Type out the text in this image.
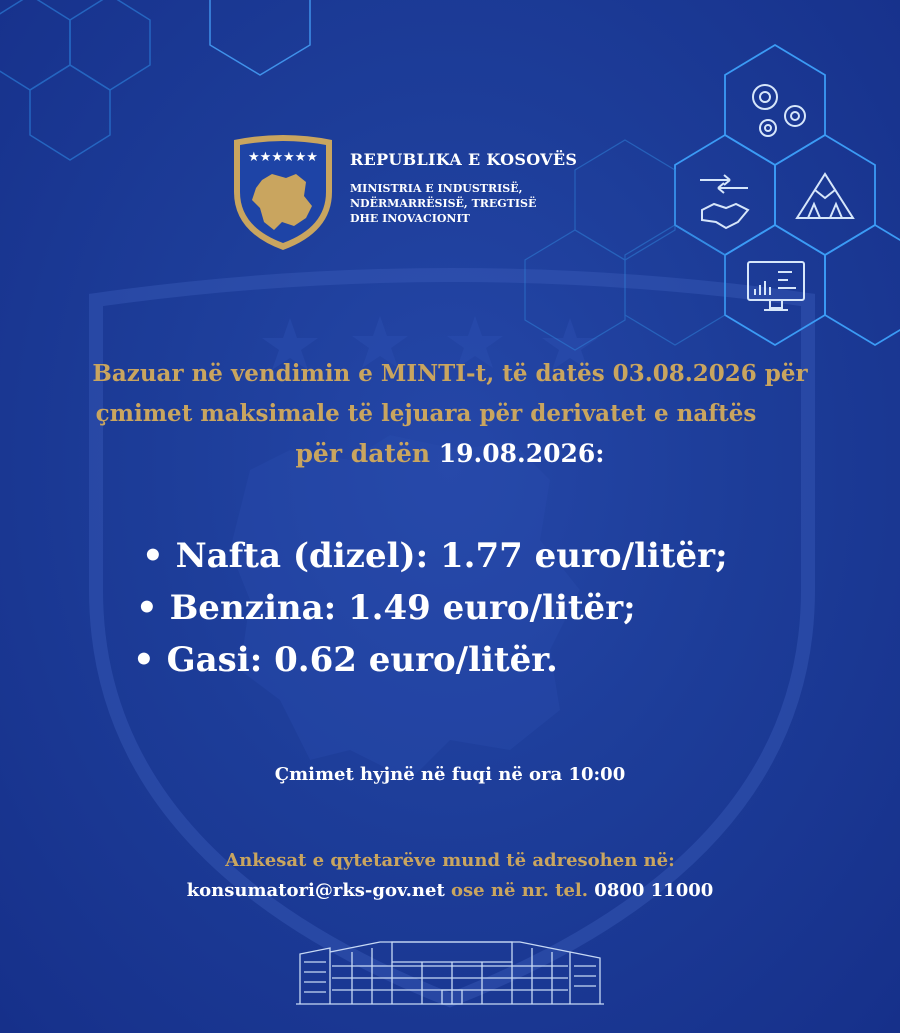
★★★★★★ REPUBLIKA E KOSOVËS
MINISTRIA E INDUSTRISË,
NDËRMARRËSISË, TREGTISË
DHE INOVACIONIT
Bazuar në vendimin e MINTI-t, të datës 03.08.2026 për
çmimet maksimale të lejuara për derivatet e naftës
për datën 19.08.2026:
• Nafta (dizel): 1.77 euro/litër;
• Benzina: 1.49 euro/litër;
• Gasi: 0.62 euro/litër.
Çmimet hyjnë në fuqi në ora 10:00
Ankesat e qytetarëve mund të adresohen në:
konsumatori@rks-gov.net ose në nr. tel. 0800 11000
